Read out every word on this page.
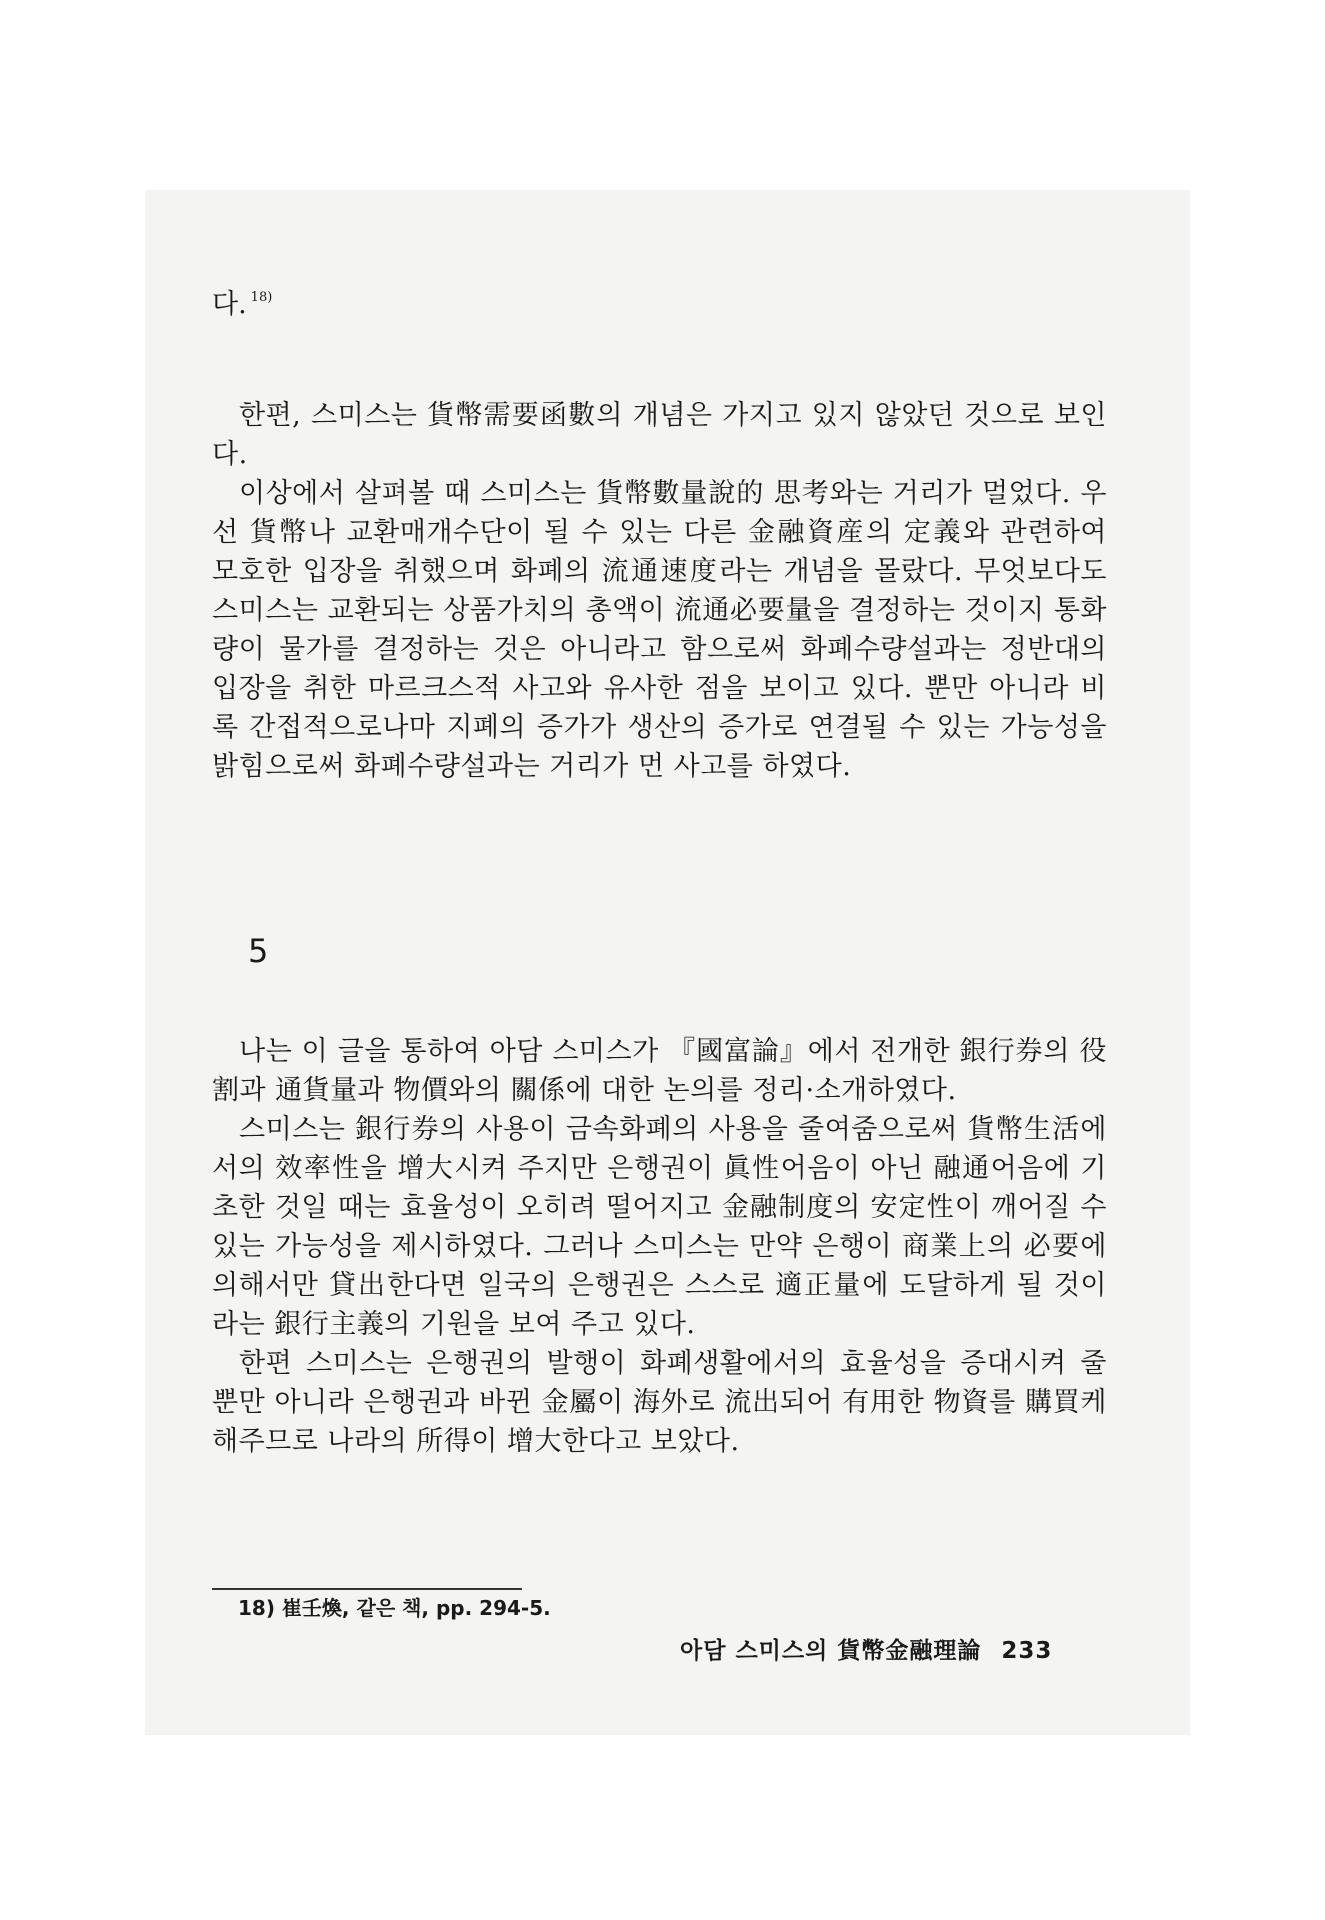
다. $^{18)}$

한편, 스미스는 貨幣需要函數의 개념은 가지고 있지 않았던 것으로 보인다.

이상에서 살펴볼 때 스미스는 貨幣數量說的 思考와는 거리가 멀었다. 우선 貨幣나 교환매개수단이 될 수 있는 다른 金融資産의 定義와 관련하여 모호한 입장을 취했으며 화폐의 流通速度라는 개념을 몰랐다. 무엇보다도 스미스는 교환되는 상품가치의 총액이 流通必要量을 결정하는 것이지 통화량이 물가를 결정하는 것은 아니라고 함으로써 화폐수량설과는 정반대의 입장을 취한 마르크스적 사고와 유사한 점을 보이고 있다. 뿐만 아니라 비록 간접적으로나마 지폐의 증가가 생산의 증가로 연결될 수 있는 가능성을 밝힘으로써 화폐수량설과는 거리가 먼 사고를 하였다.

5

나는 이 글을 통하여 아담 스미스가 『國富論』에서 전개한 銀行券의 役割과 通貨量과 物價와의 關係에 대한 논의를 정리·소개하였다.

스미스는 銀行券의 사용이 금속화폐의 사용을 줄여줌으로써 貨幣生活에서의 效率性을 增大시켜 주지만 은행권이 眞性어음이 아닌 融通어음에 기초한 것일 때는 효율성이 오히려 떨어지고 金融制度의 安定性이 깨어질 수 있는 가능성을 제시하였다. 그러나 스미스는 만약 은행이 商業上의 必要에 의해서만 貸出한다면 일국의 은행권은 스스로 適正量에 도달하게 될 것이라는 銀行主義의 기원을 보여 주고 있다.

한편 스미스는 은행권의 발행이 화폐생활에서의 효율성을 증대시켜 줄 뿐만 아니라 은행권과 바뀐 金屬이 海外로 流出되어 有用한 物資를 購買케 해주므로 나라의 所得이 增大한다고 보았다.

18) 崔壬煥, 같은 책, pp. 294-5.
아담 스미스의 貨幣金融理論 233
